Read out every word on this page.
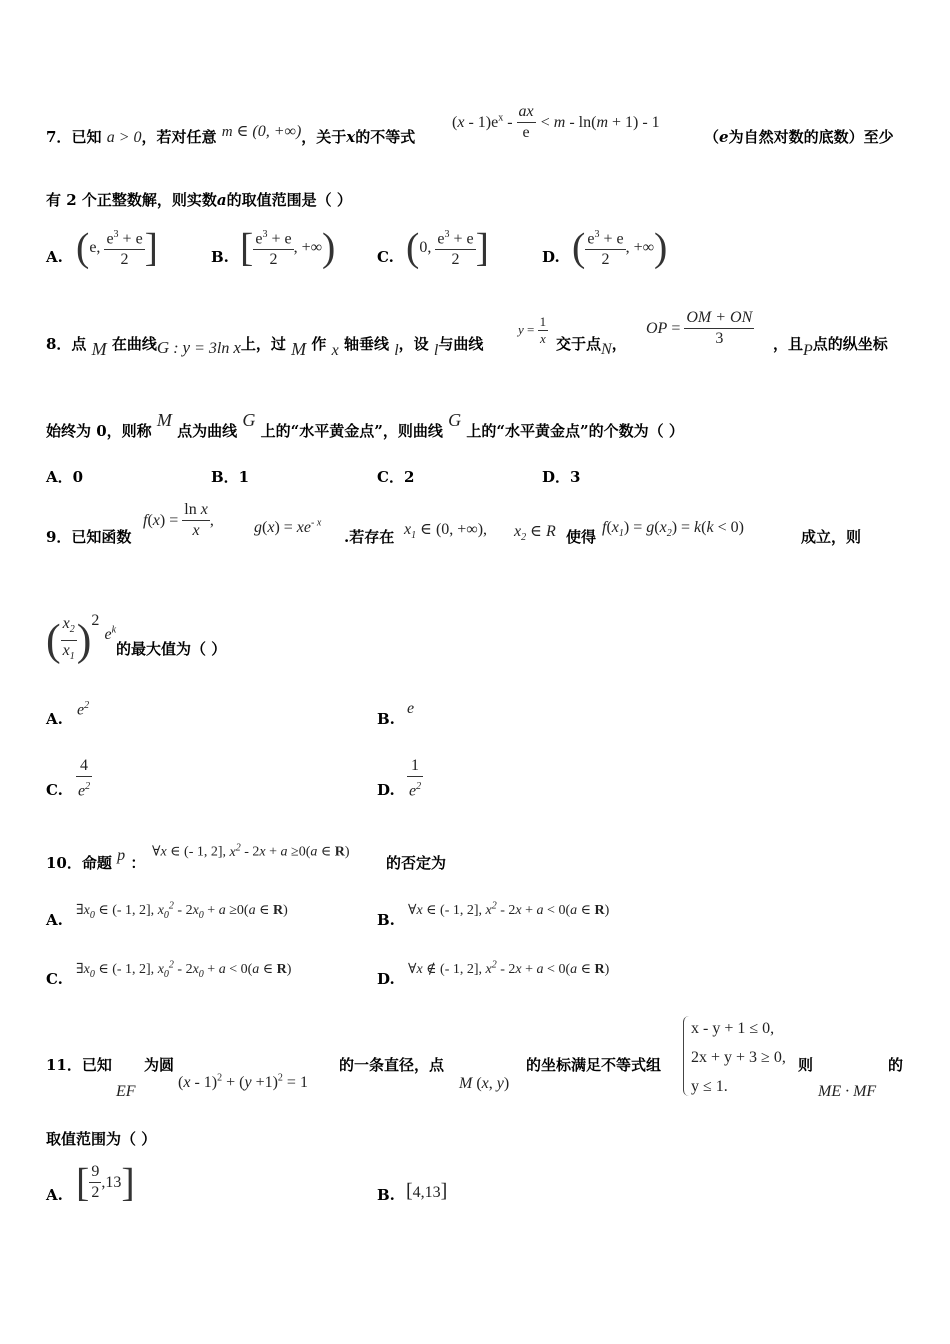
7．已知 a > 0，若对任意 m ∈ (0, +∞)，关于x的不等式
$(x - 1)e^x - \frac{ax}{e} < m - \ln(m + 1) - 1$
（e为自然对数的底数）至少
有 2 个正整数解，则实数a的取值范围是（ ）
A. (e, $\frac{e^3 + e}{2}$ ]	B. [ $\frac{e^3 + e}{2}$ , +∞)	C. (0, $\frac{e^3 + e}{2}$ ]	D. ( $\frac{e^3 + e}{2}$ , +∞)
8．点 M 在曲线G : y = 3ln x上，过 M 作 x 轴垂线 l，设 l与曲线
$y = \frac{1}{x}$ 交于点N，
OP = $\frac{OM + ON}{3}$ ，且P点的纵坐标
始终为 0，则称 M 点为曲线 G 上的“水平黄金点”，则曲线 G 上的“水平黄金点”的个数为（ ）
A．0	B．1	C．2	D．3
9．已知函数
$f(x) = \frac{\text{ln x}}{x}$ ,	$g(x) = xe^{- x}$
.若存在 $x_1$ ∈ (0, +∞), $x_2$ ∈ R 使得
$f(x_1) = g(x_2) = k(k < 0)$
成立，则
( $\frac{x_2}{x_1} )^2$ $e^k$
的最大值为（ ）
A.
$e^2$
B.
e
C. $\frac{4}{e^2}$	D. $\frac{1}{e^2}$
10．命题 p ：
∀x ∈ (- 1, 2], $x^2 - 2x + a \ge 0(a$ ∈ R)
的否定为
A.
$\exists x_0$ ∈ (- 1, 2], $x_0^2 - 2x_0 + a \ge 0(a$ ∈ R)
B.
∀x ∈ (- 1, 2], $x^2 - 2x + a < 0(a$ ∈ R)
C.
$\exists x_0$ ∈ (- 1, 2], $x_0^2 - 2x_0 + a < 0(a$ ∈ R)
D.
∀x ∉ (- 1, 2], $x^2 - 2x + a < 0(a$ ∈ R)
11．已知
EF
为圆
$(x - 1)^2 + (y +1)^2 = 1$
的一条直径，点
M (x, y)
的坐标满足不等式组
x - y + 1 ≤ 0,
2x + y + 3 ≥ 0,
y ≤ 1.
则
ME · MF
的
取值范围为（ ）
A. [ $\frac{9}{2} ,13$]	B. [4,13]
